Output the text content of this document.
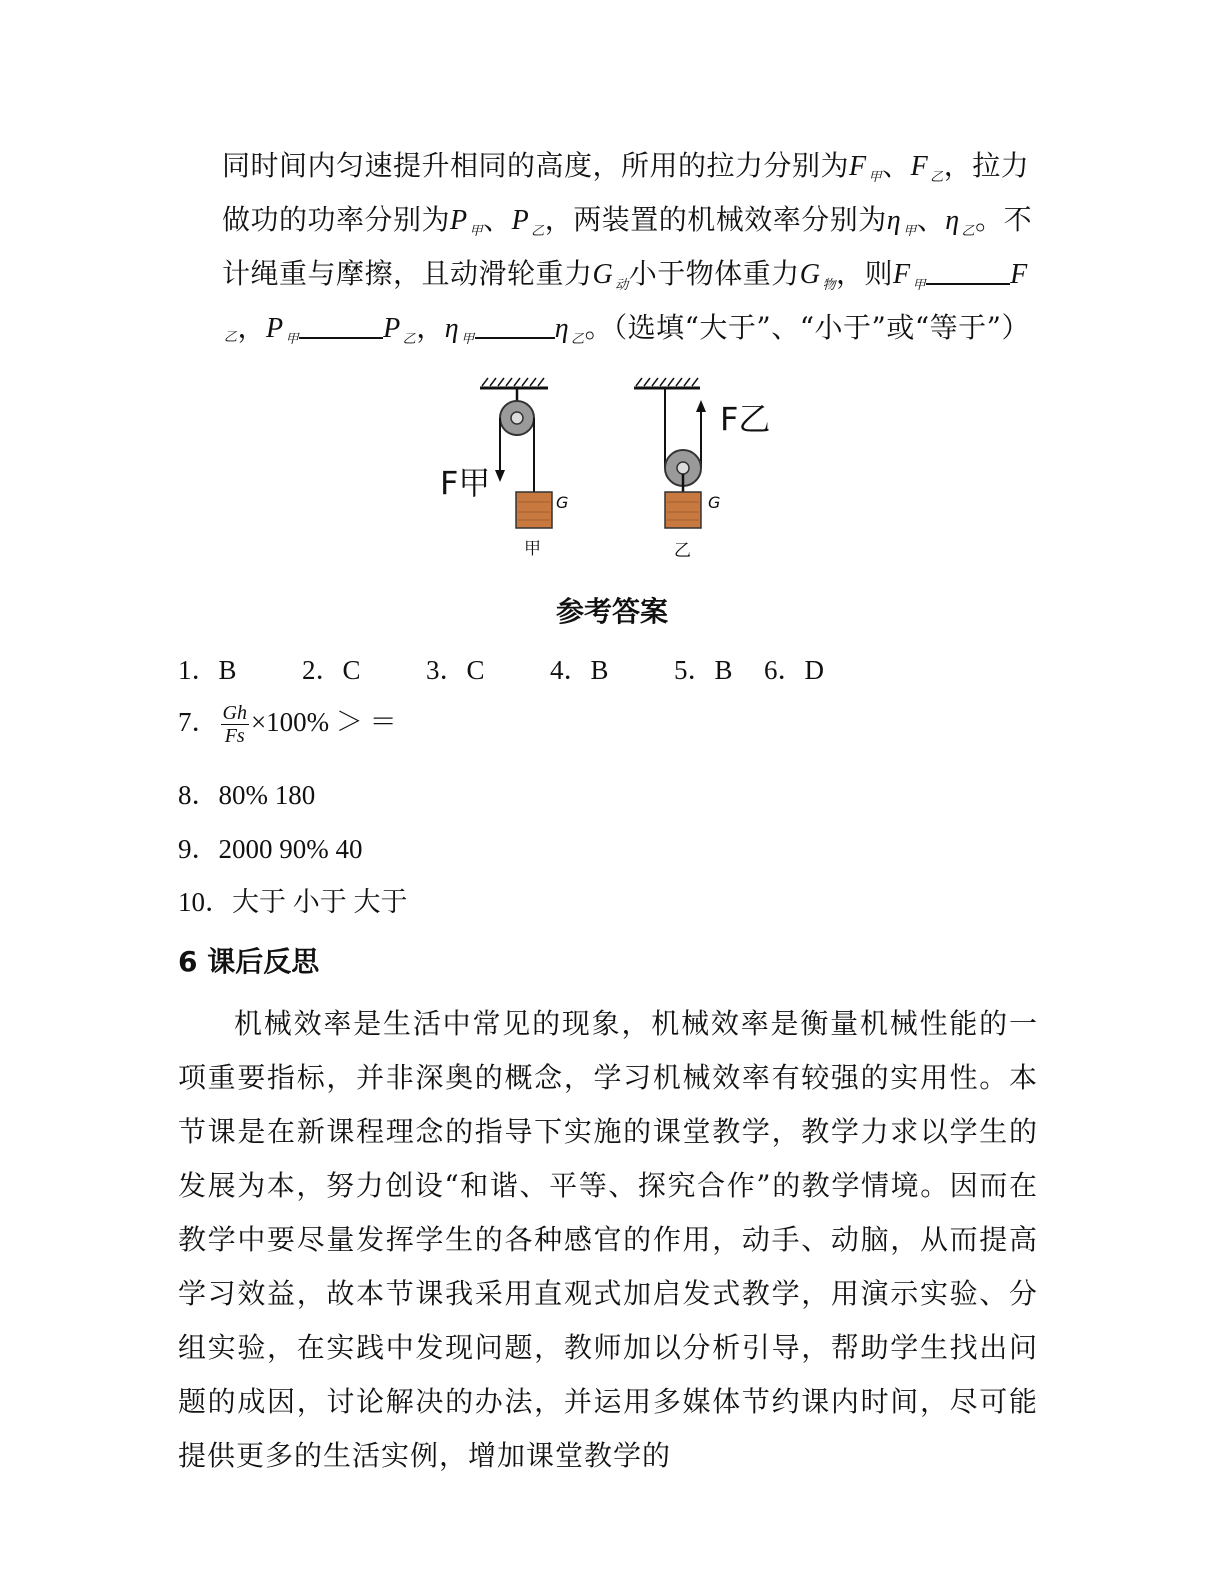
同时间内匀速提升相同的高度，所用的拉力分别为F $_甲$、F $_乙$，拉力
做功的功率分别为P $_甲$、P $_乙$，两装置的机械效率分别为η $_甲$、η $_乙$。不
计绳重与摩擦，且动滑轮重力G $_动$小于物体重力G $_物$，则F $_甲$	F
乙，P $_甲$	P $_乙$，η $_甲$	η $_乙$。（选填“大于”、“小于”或“等于”）
F甲
G
甲
F乙
G
乙
参考答案
1．B 2．C 3．C 4．B 5．B 6．D
7． $\frac{Gh}{Fs} \times 100\%$ ＞ ＝
8．80% 180
9．2000 90% 40
10．大于 小于 大于
6 课后反思
机械效率是生活中常见的现象，机械效率是衡量机械性能的一项重要指标，并非深奥的概念，学习机械效率有较强的实用性。本节课是在新课程理念的指导下实施的课堂教学，教学力求以学生的发展为本，努力创设“和谐、平等、探究合作”的教学情境。因而在教学中要尽量发挥学生的各种感官的作用，动手、动脑，从而提高学习效益，故本节课我采用直观式加启发式教学，用演示实验、分组实验，在实践中发现问题，教师加以分析引导，帮助学生找出问题的成因，讨论解决的办法，并运用多媒体节约课内时间，尽可能提供更多的生活实例，增加课堂教学的
